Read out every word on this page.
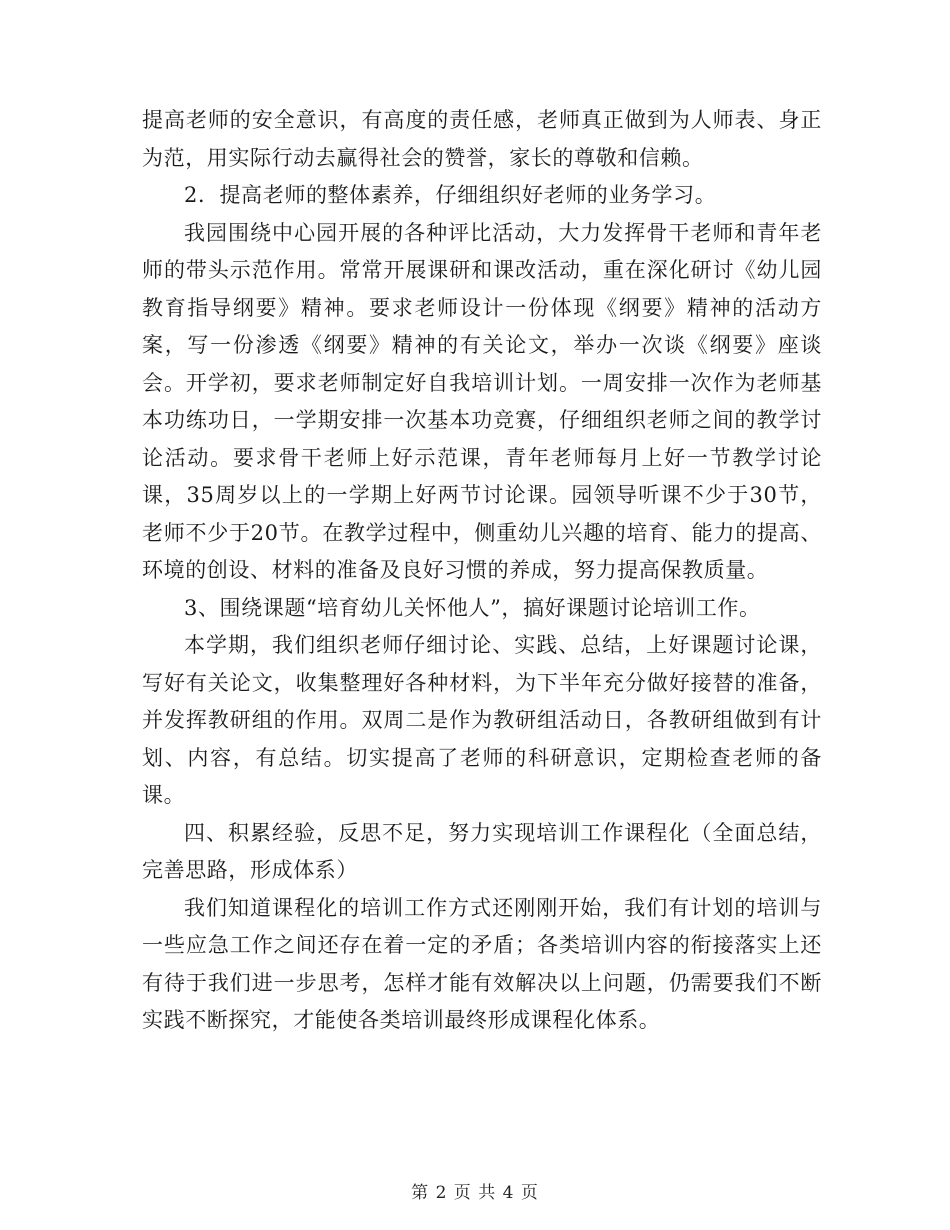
提高老师的安全意识，有高度的责任感，老师真正做到为人师表、身正为范，用实际行动去赢得社会的赞誉，家长的尊敬和信赖。

2．提高老师的整体素养，仔细组织好老师的业务学习。

我园围绕中心园开展的各种评比活动，大力发挥骨干老师和青年老师的带头示范作用。常常开展课研和课改活动，重在深化研讨《幼儿园教育指导纲要》精神。要求老师设计一份体现《纲要》精神的活动方案，写一份渗透《纲要》精神的有关论文，举办一次谈《纲要》座谈会。开学初，要求老师制定好自我培训计划。一周安排一次作为老师基本功练功日，一学期安排一次基本功竞赛，仔细组织老师之间的教学讨论活动。要求骨干老师上好示范课，青年老师每月上好一节教学讨论课，35周岁以上的一学期上好两节讨论课。园领导听课不少于30节，老师不少于20节。在教学过程中，侧重幼儿兴趣的培育、能力的提高、环境的创设、材料的准备及良好习惯的养成，努力提高保教质量。

3、围绕课题“培育幼儿关怀他人”，搞好课题讨论培训工作。

本学期，我们组织老师仔细讨论、实践、总结，上好课题讨论课，写好有关论文，收集整理好各种材料，为下半年充分做好接替的准备，并发挥教研组的作用。双周二是作为教研组活动日，各教研组做到有计划、内容，有总结。切实提高了老师的科研意识，定期检查老师的备课。

四、积累经验，反思不足，努力实现培训工作课程化（全面总结，完善思路，形成体系）

我们知道课程化的培训工作方式还刚刚开始，我们有计划的培训与一些应急工作之间还存在着一定的矛盾；各类培训内容的衔接落实上还有待于我们进一步思考，怎样才能有效解决以上问题，仍需要我们不断实践不断探究，才能使各类培训最终形成课程化体系。

第 2 页 共 4 页
